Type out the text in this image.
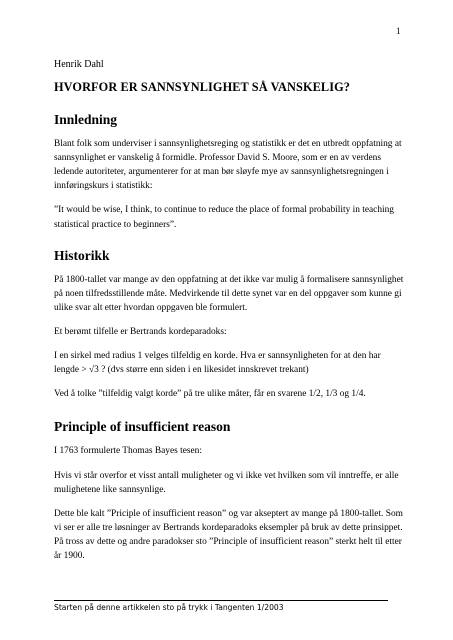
1
Henrik Dahl
HVORFOR ER SANNSYNLIGHET SÅ VANSKELIG?
Innledning

Blant folk som underviser i sannsynlighetsreging og statistikk er det en utbredt oppfatning at sannsynlighet er vanskelig å formidle. Professor David S. Moore, som er en av verdens ledende autoriteter, argumenterer for at man bør sløyfe mye av sannsynlighetsregningen i innføringskurs i statistikk:

”It would be wise, I think, to continue to reduce the place of formal probability in teaching statistical practice to beginners”.

Historikk

På 1800-tallet var mange av den oppfatning at det ikke var mulig å formalisere sannsynlighet på noen tilfredsstillende måte. Medvirkende til dette synet var en del oppgaver som kunne gi ulike svar alt etter hvordan oppgaven ble formulert.

Et berømt tilfelle er Bertrands kordeparadoks:

I en sirkel med radius 1 velges tilfeldig en korde. Hva er sannsynligheten for at den har lengde > √3 ? (dvs større enn siden i en likesidet innskrevet trekant)

Ved å tolke ”tilfeldig valgt korde” på tre ulike måter, får en svarene 1/2, 1/3 og 1/4.

Principle of insufficient reason

I 1763 formulerte Thomas Bayes tesen:

Hvis vi står overfor et visst antall muligheter og vi ikke vet hvilken som vil inntreffe, er alle mulighetene like sannsynlige.

Dette ble kalt ”Priciple of insufficient reason” og var akseptert av mange på 1800-tallet. Som vi ser er alle tre løsninger av Bertrands kordeparadoks eksempler på bruk av dette prinsippet. På tross av dette og andre paradokser sto ”Principle of insufficient reason” sterkt helt til etter år 1900.

Starten på denne artikkelen sto på trykk i Tangenten 1/2003
